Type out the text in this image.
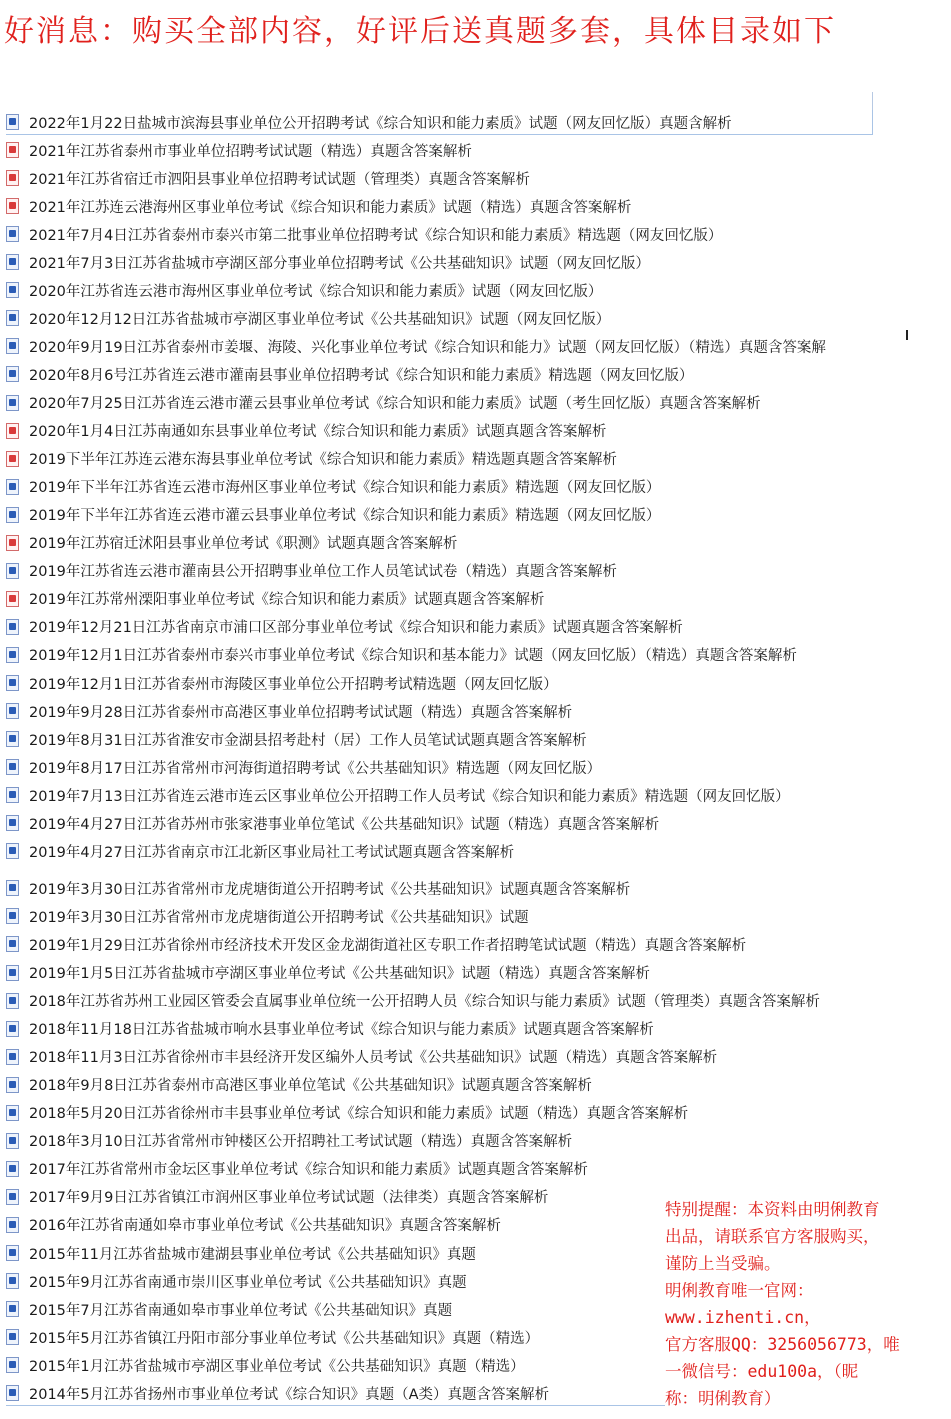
好消息：购买全部内容，好评后送真题多套，具体目录如下
2022年1月22日盐城市滨海县事业单位公开招聘考试《综合知识和能力素质》试题（网友回忆版）真题含解析
2021年江苏省泰州市事业单位招聘考试试题（精选）真题含答案解析
2021年江苏省宿迁市泗阳县事业单位招聘考试试题（管理类）真题含答案解析
2021年江苏连云港海州区事业单位考试《综合知识和能力素质》试题（精选）真题含答案解析
2021年7月4日江苏省泰州市泰兴市第二批事业单位招聘考试《综合知识和能力素质》精选题（网友回忆版）
2021年7月3日江苏省盐城市亭湖区部分事业单位招聘考试《公共基础知识》试题（网友回忆版）
2020年江苏省连云港市海州区事业单位考试《综合知识和能力素质》试题（网友回忆版）
2020年12月12日江苏省盐城市亭湖区事业单位考试《公共基础知识》试题（网友回忆版）
2020年9月19日江苏省泰州市姜堰、海陵、兴化事业单位考试《综合知识和能力》试题（网友回忆版）（精选）真题含答案解
2020年8月6号江苏省连云港市灌南县事业单位招聘考试《综合知识和能力素质》精选题（网友回忆版）
2020年7月25日江苏省连云港市灌云县事业单位考试《综合知识和能力素质》试题（考生回忆版）真题含答案解析
2020年1月4日江苏南通如东县事业单位考试《综合知识和能力素质》试题真题含答案解析
2019下半年江苏连云港东海县事业单位考试《综合知识和能力素质》精选题真题含答案解析
2019年下半年江苏省连云港市海州区事业单位考试《综合知识和能力素质》精选题（网友回忆版）
2019年下半年江苏省连云港市灌云县事业单位考试《综合知识和能力素质》精选题（网友回忆版）
2019年江苏宿迁沭阳县事业单位考试《职测》试题真题含答案解析
2019年江苏省连云港市灌南县公开招聘事业单位工作人员笔试试卷（精选）真题含答案解析
2019年江苏常州溧阳事业单位考试《综合知识和能力素质》试题真题含答案解析
2019年12月21日江苏省南京市浦口区部分事业单位考试《综合知识和能力素质》试题真题含答案解析
2019年12月1日江苏省泰州市泰兴市事业单位考试《综合知识和基本能力》试题（网友回忆版）（精选）真题含答案解析
2019年12月1日江苏省泰州市海陵区事业单位公开招聘考试精选题（网友回忆版）
2019年9月28日江苏省泰州市高港区事业单位招聘考试试题（精选）真题含答案解析
2019年8月31日江苏省淮安市金湖县招考赴村（居）工作人员笔试试题真题含答案解析
2019年8月17日江苏省常州市河海街道招聘考试《公共基础知识》精选题（网友回忆版）
2019年7月13日江苏省连云港市连云区事业单位公开招聘工作人员考试《综合知识和能力素质》精选题（网友回忆版）
2019年4月27日江苏省苏州市张家港事业单位笔试《公共基础知识》试题（精选）真题含答案解析
2019年4月27日江苏省南京市江北新区事业局社工考试试题真题含答案解析
2019年3月30日江苏省常州市龙虎塘街道公开招聘考试《公共基础知识》试题真题含答案解析
2019年3月30日江苏省常州市龙虎塘街道公开招聘考试《公共基础知识》试题
2019年1月29日江苏省徐州市经济技术开发区金龙湖街道社区专职工作者招聘笔试试题（精选）真题含答案解析
2019年1月5日江苏省盐城市亭湖区事业单位考试《公共基础知识》试题（精选）真题含答案解析
2018年江苏省苏州工业园区管委会直属事业单位统一公开招聘人员《综合知识与能力素质》试题（管理类）真题含答案解析
2018年11月18日江苏省盐城市响水县事业单位考试《综合知识与能力素质》试题真题含答案解析
2018年11月3日江苏省徐州市丰县经济开发区编外人员考试《公共基础知识》试题（精选）真题含答案解析
2018年9月8日江苏省泰州市高港区事业单位笔试《公共基础知识》试题真题含答案解析
2018年5月20日江苏省徐州市丰县事业单位考试《综合知识和能力素质》试题（精选）真题含答案解析
2018年3月10日江苏省常州市钟楼区公开招聘社工考试试题（精选）真题含答案解析
2017年江苏省常州市金坛区事业单位考试《综合知识和能力素质》试题真题含答案解析
2017年9月9日江苏省镇江市润州区事业单位考试试题（法律类）真题含答案解析
2016年江苏省南通如皋市事业单位考试《公共基础知识》真题含答案解析
2015年11月江苏省盐城市建湖县事业单位考试《公共基础知识》真题
2015年9月江苏省南通市崇川区事业单位考试《公共基础知识》真题
2015年7月江苏省南通如皋市事业单位考试《公共基础知识》真题
2015年5月江苏省镇江丹阳市部分事业单位考试《公共基础知识》真题（精选）
2015年1月江苏省盐城市亭湖区事业单位考试《公共基础知识》真题（精选）
2014年5月江苏省扬州市事业单位考试《综合知识》真题（A类）真题含答案解析
特别提醒：本资料由明俐教育
出品，请联系官方客服购买，
谨防上当受骗。
明俐教育唯一官网：
www.izhenti.cn，
官方客服QQ：3256056773，唯
一微信号：edu100a，（昵
称：明俐教育）
